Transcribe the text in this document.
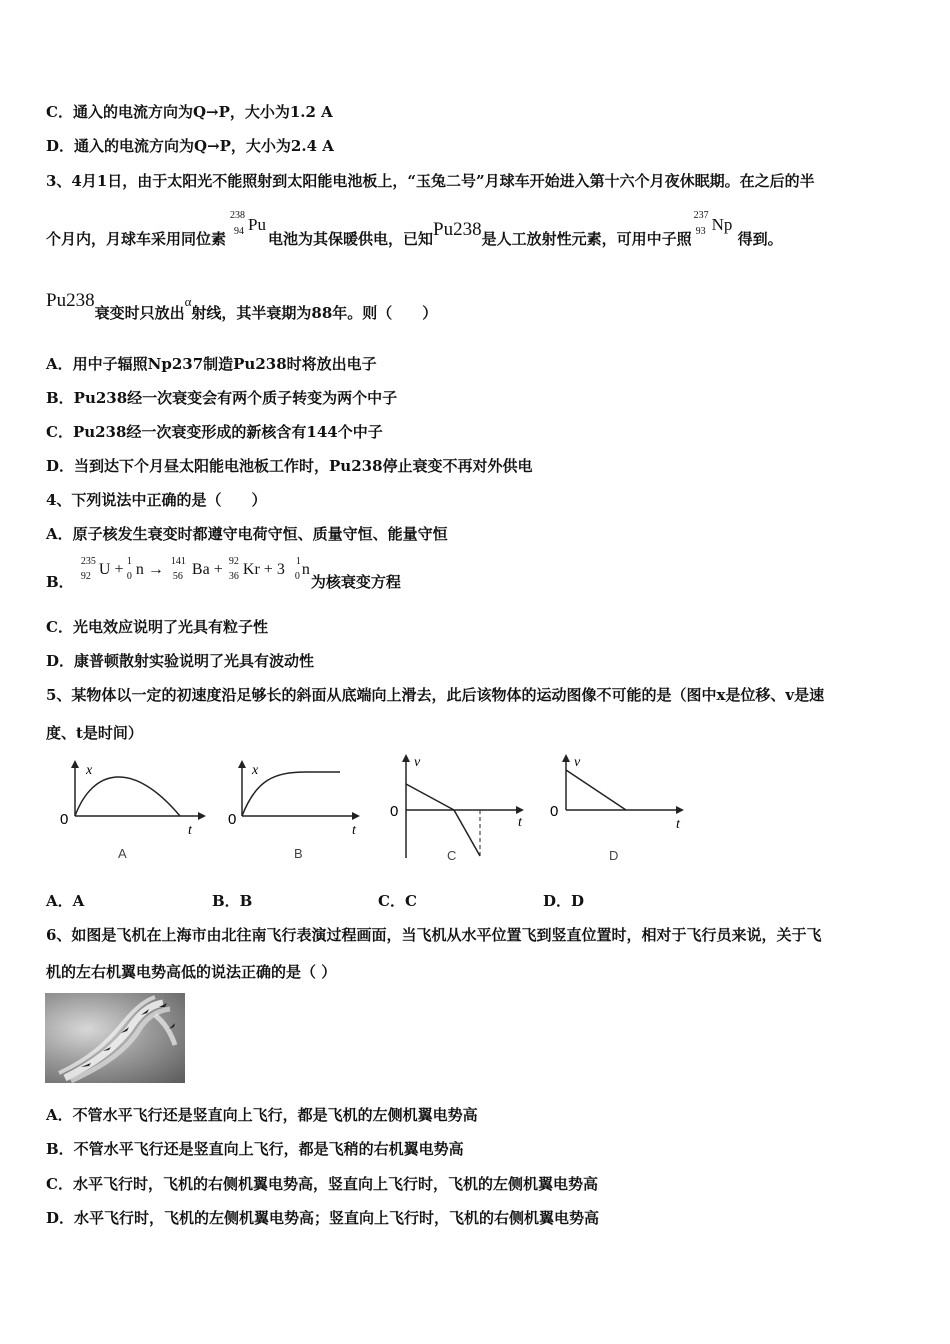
C．通入的电流方向为Q→P，大小为1.2 A
D．通入的电流方向为Q→P，大小为2.4 A
3、4月1日，由于太阳光不能照射到太阳能电池板上，“玉兔二号”月球车开始进入第十六个月夜休眠期。在之后的半
个月内，月球车采用同位素
238
94 Pu
电池为其保暖供电，已知Pu238是人工放射性元素，可用中子照
237
93 Np
得到。
Pu238衰变时只放出α射线，其半衰期为88年。则（　　）
A．用中子辐照Np237制造Pu238时将放出电子
B．Pu238经一次衰变会有两个质子转变为两个中子
C．Pu238经一次衰变形成的新核含有144个中子
D．当到达下个月昼太阳能电池板工作时，Pu238停止衰变不再对外供电
4、下列说法中正确的是（　　）
A．原子核发生衰变时都遵守电荷守恒、质量守恒、能量守恒
B．
235
92 U + 1
0 n → 141
56 Ba + 92
36 Kr + 3 1
0 n
为核衰变方程
C．光电效应说明了光具有粒子性
D．康普顿散射实验说明了光具有波动性
5、某物体以一定的初速度沿足够长的斜面从底端向上滑去，此后该物体的运动图像不可能的是（图中x是位移、v是速
度、t是时间）
x
0
t
A
x
0
t
B
v
0
t
C
v
0
t
D
A．A	B．B	C．C	D．D
6、如图是飞机在上海市由北往南飞行表演过程画面，当飞机从水平位置飞到竖直位置时，相对于飞行员来说，关于飞
机的左右机翼电势高低的说法正确的是（ ）
A．不管水平飞行还是竖直向上飞行，都是飞机的左侧机翼电势高
B．不管水平飞行还是竖直向上飞行，都是飞稍的右机翼电势高
C．水平飞行时，飞机的右侧机翼电势高，竖直向上飞行时，飞机的左侧机翼电势高
D．水平飞行时，飞机的左侧机翼电势高；竖直向上飞行时，飞机的右侧机翼电势高
